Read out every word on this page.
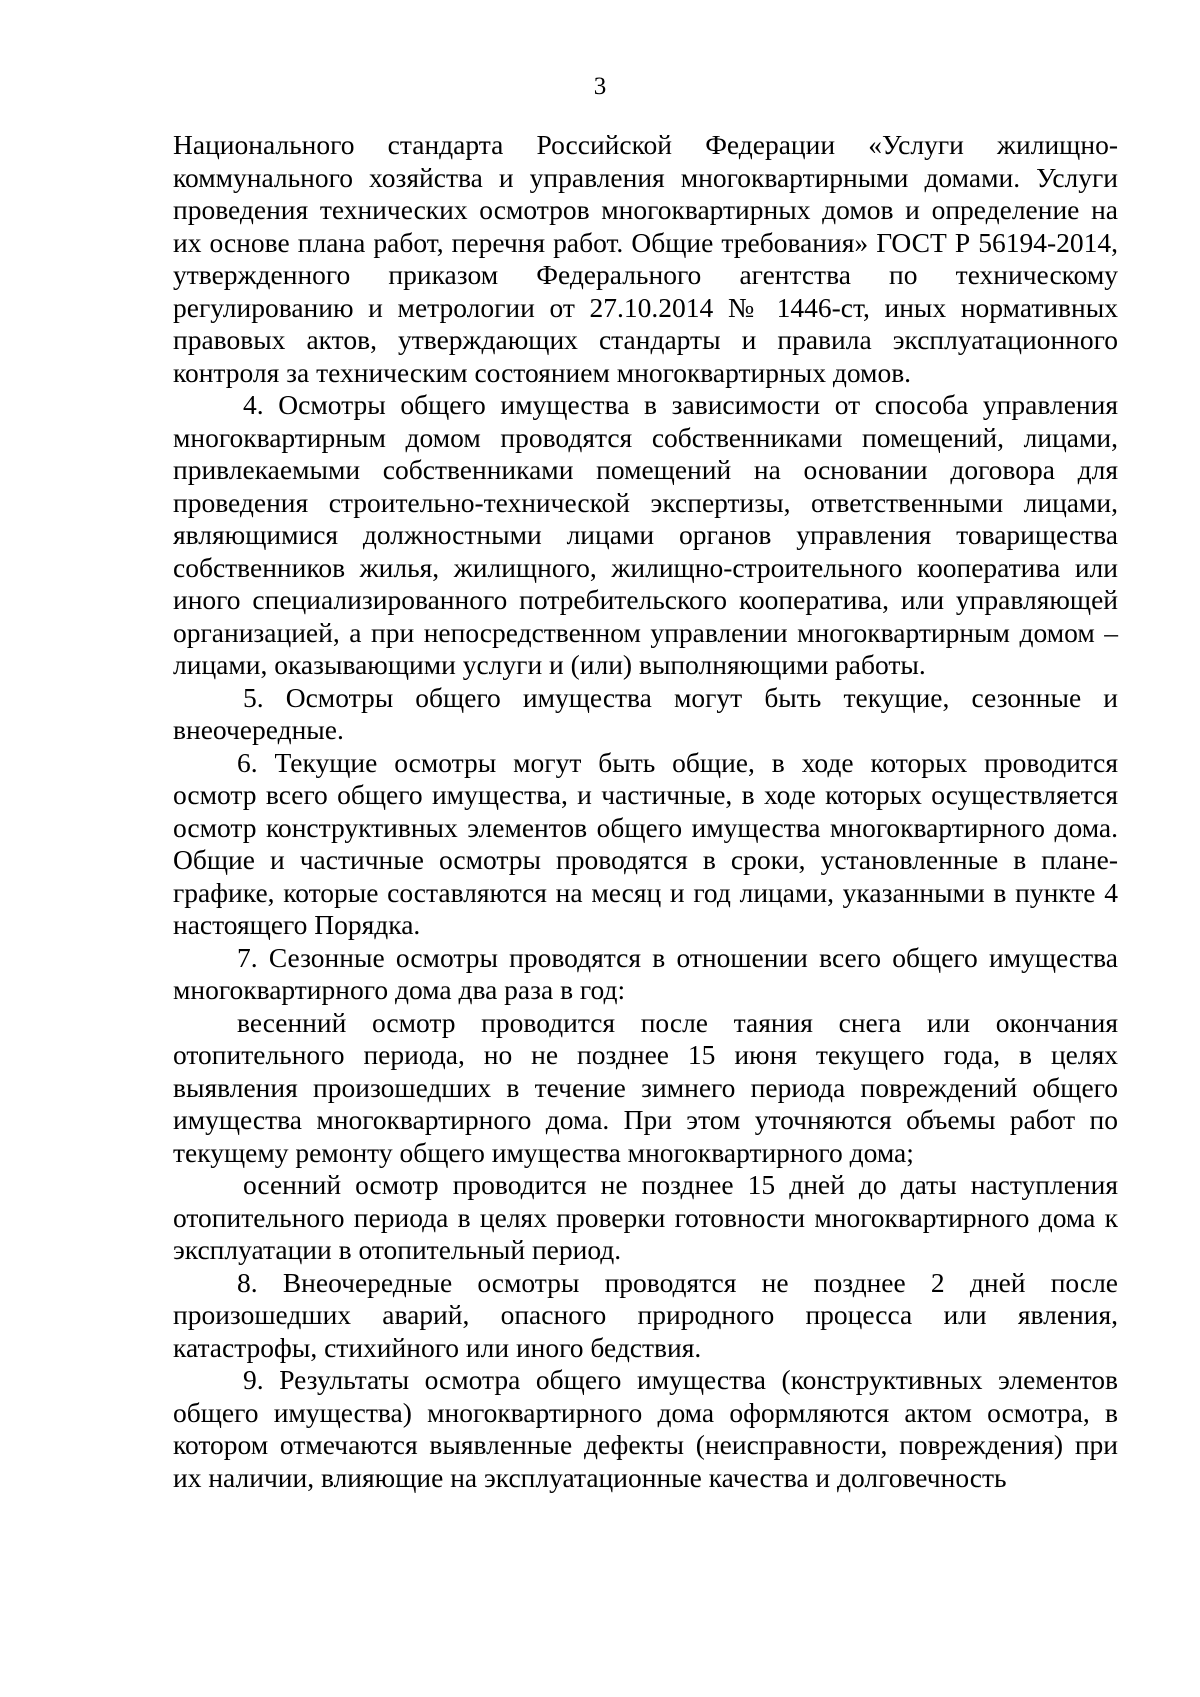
3

Национального стандарта Российской Федерации «Услуги жилищно-коммунального хозяйства и управления многоквартирными домами. Услуги проведения технических осмотров многоквартирных домов и определение на их основе плана работ, перечня работ. Общие требования» ГОСТ Р 56194-2014, утвержденного приказом Федерального агентства по техническому регулированию и метрологии от 27.10.2014 № 1446-ст, иных нормативных правовых актов, утверждающих стандарты и правила эксплуатационного контроля за техническим состоянием многоквартирных домов.

4. Осмотры общего имущества в зависимости от способа управления многоквартирным домом проводятся собственниками помещений, лицами, привлекаемыми собственниками помещений на основании договора для проведения строительно-технической экспертизы, ответственными лицами, являющимися должностными лицами органов управления товарищества собственников жилья, жилищного, жилищно-строительного кооператива или иного специализированного потребительского кооператива, или управляющей организацией, а при непосредственном управлении многоквартирным домом – лицами, оказывающими услуги и (или) выполняющими работы.

5. Осмотры общего имущества могут быть текущие, сезонные и внеочередные.

6. Текущие осмотры могут быть общие, в ходе которых проводится осмотр всего общего имущества, и частичные, в ходе которых осуществляется осмотр конструктивных элементов общего имущества многоквартирного дома. Общие и частичные осмотры проводятся в сроки, установленные в плане-графике, которые составляются на месяц и год лицами, указанными в пункте 4 настоящего Порядка.

7. Сезонные осмотры проводятся в отношении всего общего имущества многоквартирного дома два раза в год:

весенний осмотр проводится после таяния снега или окончания отопительного периода, но не позднее 15 июня текущего года, в целях выявления произошедших в течение зимнего периода повреждений общего имущества многоквартирного дома. При этом уточняются объемы работ по текущему ремонту общего имущества многоквартирного дома;

осенний осмотр проводится не позднее 15 дней до даты наступления отопительного периода в целях проверки готовности многоквартирного дома к эксплуатации в отопительный период.

8. Внеочередные осмотры проводятся не позднее 2 дней после произошедших аварий, опасного природного процесса или явления, катастрофы, стихийного или иного бедствия.

9. Результаты осмотра общего имущества (конструктивных элементов общего имущества) многоквартирного дома оформляются актом осмотра, в котором отмечаются выявленные дефекты (неисправности, повреждения) при их наличии, влияющие на эксплуатационные качества и долговечность
